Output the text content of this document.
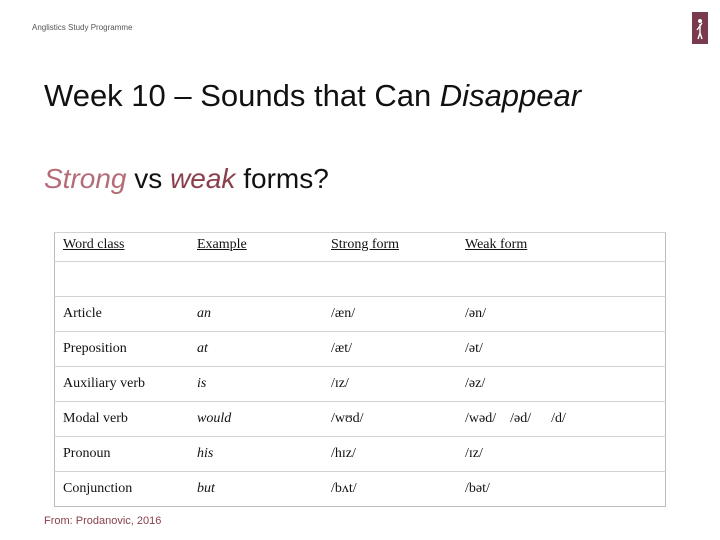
Anglistics Study Programme
Week 10 – Sounds that Can Disappear
Strong vs weak forms?
Word class	Example	Strong form	Weak form

Article	an	/æn/	/ən/
Preposition	at	/æt/	/ət/
Auxiliary verb	is	/ɪz/	/əz/
Modal verb	would	/wʊd/	/wəd/ /əd/ /d/
Pronoun	his	/hɪz/	/ɪz/
Conjunction	but	/bʌt/	/bət/
From: Prodanovic, 2016
